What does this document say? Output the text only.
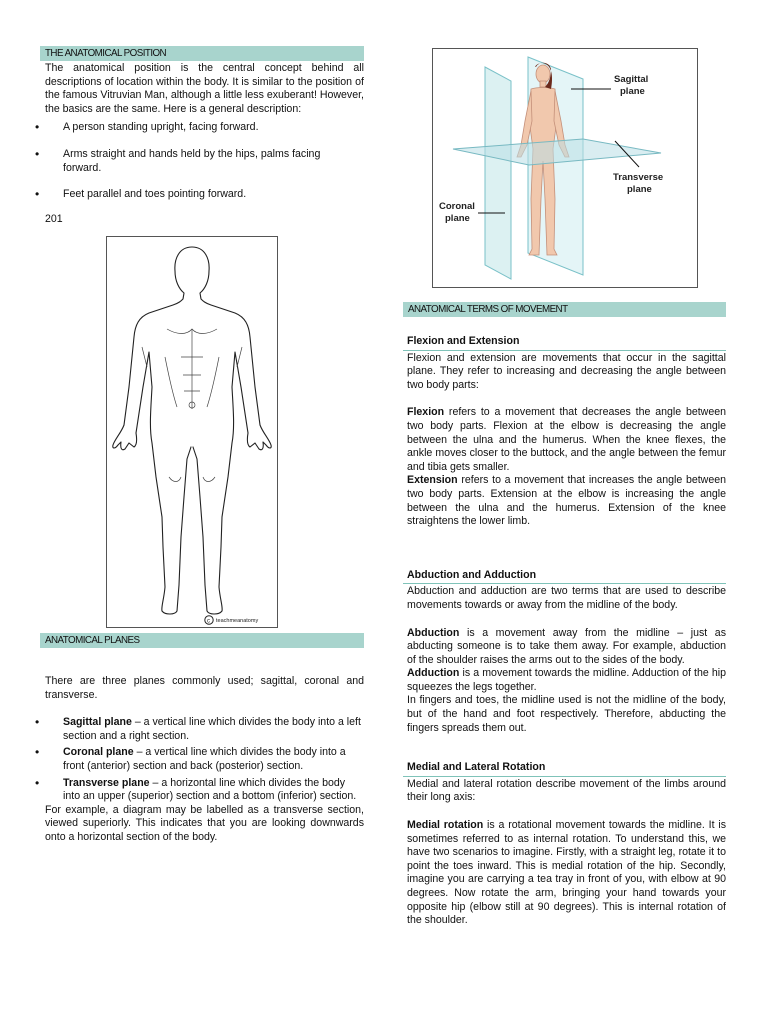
THE ANATOMICAL POSITION

The anatomical position is the central concept behind all descriptions of location within the body. It is similar to the position of the famous Vitruvian Man, although a little less exuberant! However, the basics are the same. Here is a general description:

• A person standing upright, facing forward.

• Arms straight and hands held by the hips, palms facing forward.

• Feet parallel and toes pointing forward.

201
c teachmeanatomy
ANATOMICAL PLANES

There are three planes commonly used; sagittal, coronal and transverse.

• Sagittal plane – a vertical line which divides the body into a left section and a right section.

• Coronal plane – a vertical line which divides the body into a front (anterior) section and back (posterior) section.

• Transverse plane – a horizontal line which divides the body into an upper (superior) section and a bottom (inferior) section.

For example, a diagram may be labelled as a transverse section, viewed superiorly. This indicates that you are looking downwards onto a horizontal section of the body.

Sagittal plane
Transverse plane
Coronal plane
ANATOMICAL TERMS OF MOVEMENT

Flexion and Extension

Flexion and extension are movements that occur in the sagittal plane. They refer to increasing and decreasing the angle between two body parts:

Flexion refers to a movement that decreases the angle between two body parts. Flexion at the elbow is decreasing the angle between the ulna and the humerus. When the knee flexes, the ankle moves closer to the buttock, and the angle between the femur and tibia gets smaller.

Extension refers to a movement that increases the angle between two body parts. Extension at the elbow is increasing the angle between the ulna and the humerus. Extension of the knee straightens the lower limb.

Abduction and Adduction

Abduction and adduction are two terms that are used to describe movements towards or away from the midline of the body.

Abduction is a movement away from the midline – just as abducting someone is to take them away. For example, abduction of the shoulder raises the arms out to the sides of the body.

Adduction is a movement towards the midline. Adduction of the hip squeezes the legs together.

In fingers and toes, the midline used is not the midline of the body, but of the hand and foot respectively. Therefore, abducting the fingers spreads them out.

Medial and Lateral Rotation

Medial and lateral rotation describe movement of the limbs around their long axis:

Medial rotation is a rotational movement towards the midline. It is sometimes referred to as internal rotation. To understand this, we have two scenarios to imagine. Firstly, with a straight leg, rotate it to point the toes inward. This is medial rotation of the hip. Secondly, imagine you are carrying a tea tray in front of you, with elbow at 90 degrees. Now rotate the arm, bringing your hand towards your opposite hip (elbow still at 90 degrees). This is internal rotation of the shoulder.
